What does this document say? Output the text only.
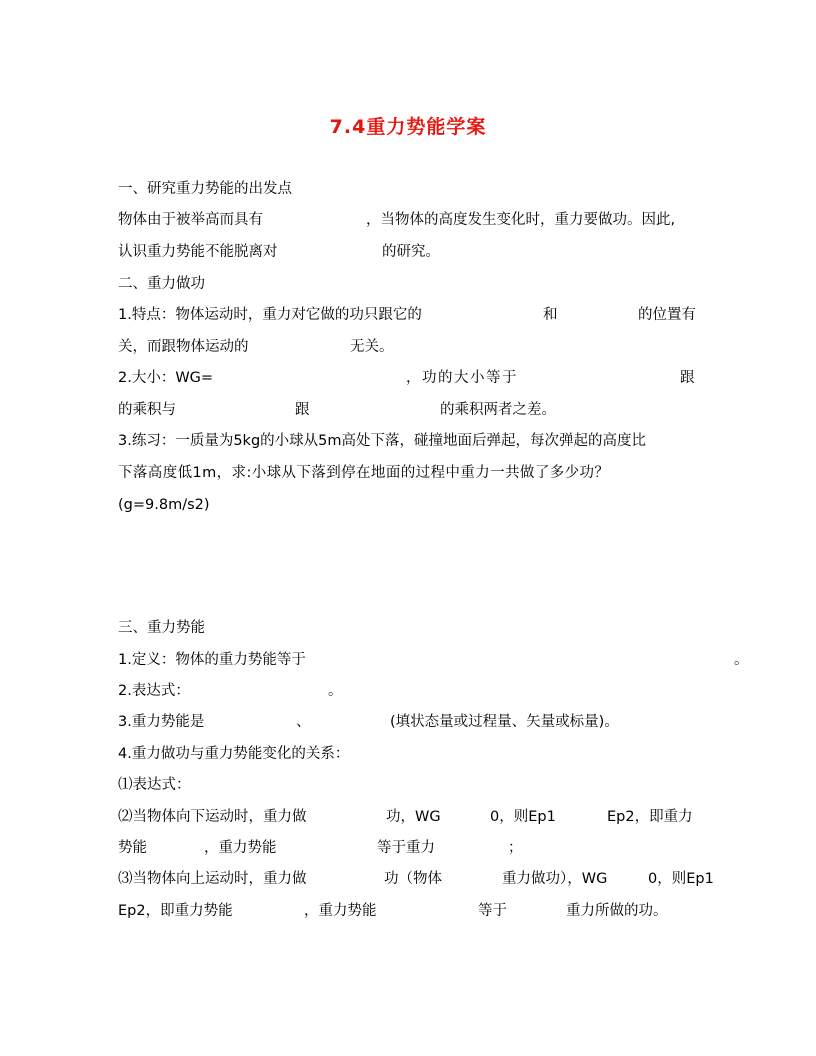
7.4重力势能学案
一、研究重力势能的出发点
物体由于被举高而具有	，当物体的高度发生变化时，重力要做功。因此,
认识重力势能不能脱离对	的研究。
二、重力做功
1.特点：物体运动时，重力对它做的功只跟它的	和	的位置有
关，而跟物体运动的	无关。
2.大小：WG=	，功的大小等于	跟
的乘积与	跟	的乘积两者之差。
3.练习：一质量为5kg的小球从5m高处下落，碰撞地面后弹起，每次弹起的高度比
下落高度低1m，求:小球从下落到停在地面的过程中重力一共做了多少功？
(g=9.8m/s2)
三、重力势能
1.定义：物体的重力势能等于	。
2.表达式：	。
3.重力势能是	、	(填状态量或过程量、矢量或标量)。
4.重力做功与重力势能变化的关系：
⑴表达式：
⑵当物体向下运动时，重力做	功，WG	0，则Ep1	Ep2，即重力
势能	，重力势能	等于重力	；
⑶当物体向上运动时，重力做	功（物体	重力做功），WG	0，则Ep1
Ep2，即重力势能	，重力势能	等于	重力所做的功。
